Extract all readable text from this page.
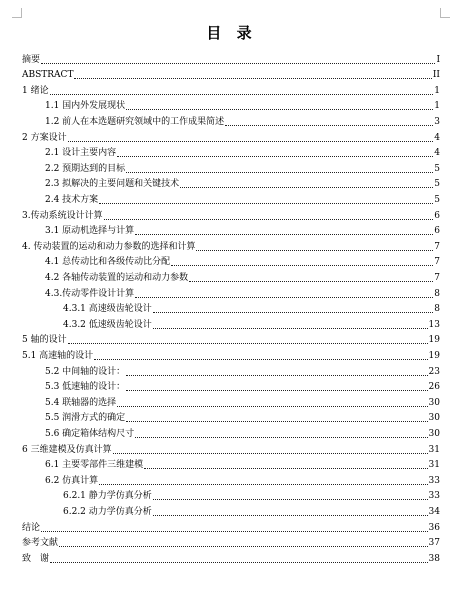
目 录
摘要	I
ABSTRACT	II
1 绪论	1
1.1 国内外发展现状	1
1.2 前人在本选题研究领域中的工作成果简述	3
2 方案设计	4
2.1 设计主要内容	4
2.2 预期达到的目标	5
2.3 拟解决的主要问题和关键技术	5
2.4 技术方案	5
3.传动系统设计计算	6
3.1 原动机选择与计算	6
4. 传动装置的运动和动力参数的选择和计算	7
4.1 总传动比和各级传动比分配	7
4.2 各轴传动装置的运动和动力参数	7
4.3.传动零件设计计算	8
4.3.1 高速级齿轮设计	8
4.3.2 低速级齿轮设计	13
5 轴的设计	19
5.1 高速轴的设计	19
5.2 中间轴的设计：	23
5.3 低速轴的设计：	26
5.4 联轴器的选择	30
5.5 润滑方式的确定	30
5.6 确定箱体结构尺寸	30
6 三维建模及仿真计算	31
6.1 主要零部件三维建模	31
6.2 仿真计算	33
6.2.1 静力学仿真分析	33
6.2.2 动力学仿真分析	34
结论	36
参考文献	37
致　谢	38
